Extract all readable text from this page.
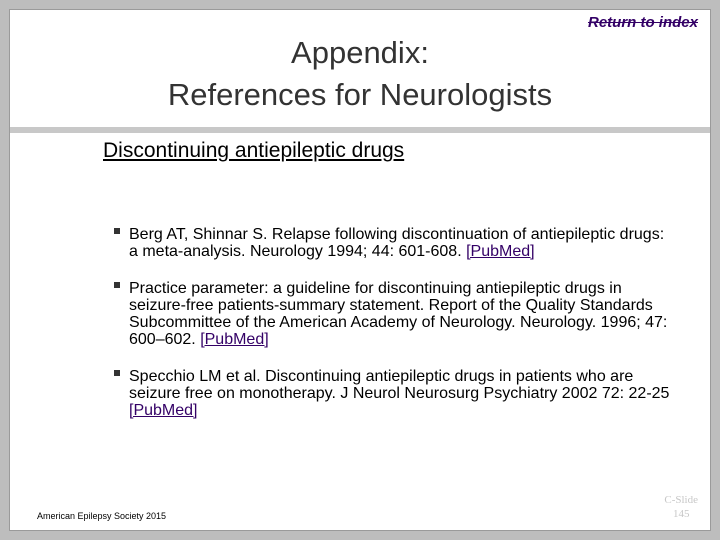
Return to index
Appendix:
References for Neurologists
Discontinuing antiepileptic drugs
Berg AT, Shinnar S. Relapse following discontinuation of antiepileptic drugs: a meta-analysis. Neurology 1994; 44: 601-608. [PubMed]
Practice parameter: a guideline for discontinuing antiepileptic drugs in seizure-free patients-summary statement. Report of the Quality Standards Subcommittee of the American Academy of Neurology. Neurology. 1996; 47: 600–602. [PubMed]
Specchio LM et al. Discontinuing antiepileptic drugs in patients who are seizure free on monotherapy. J Neurol Neurosurg Psychiatry 2002 72: 22-25 [PubMed]
American Epilepsy Society 2015
C-Slide
145
